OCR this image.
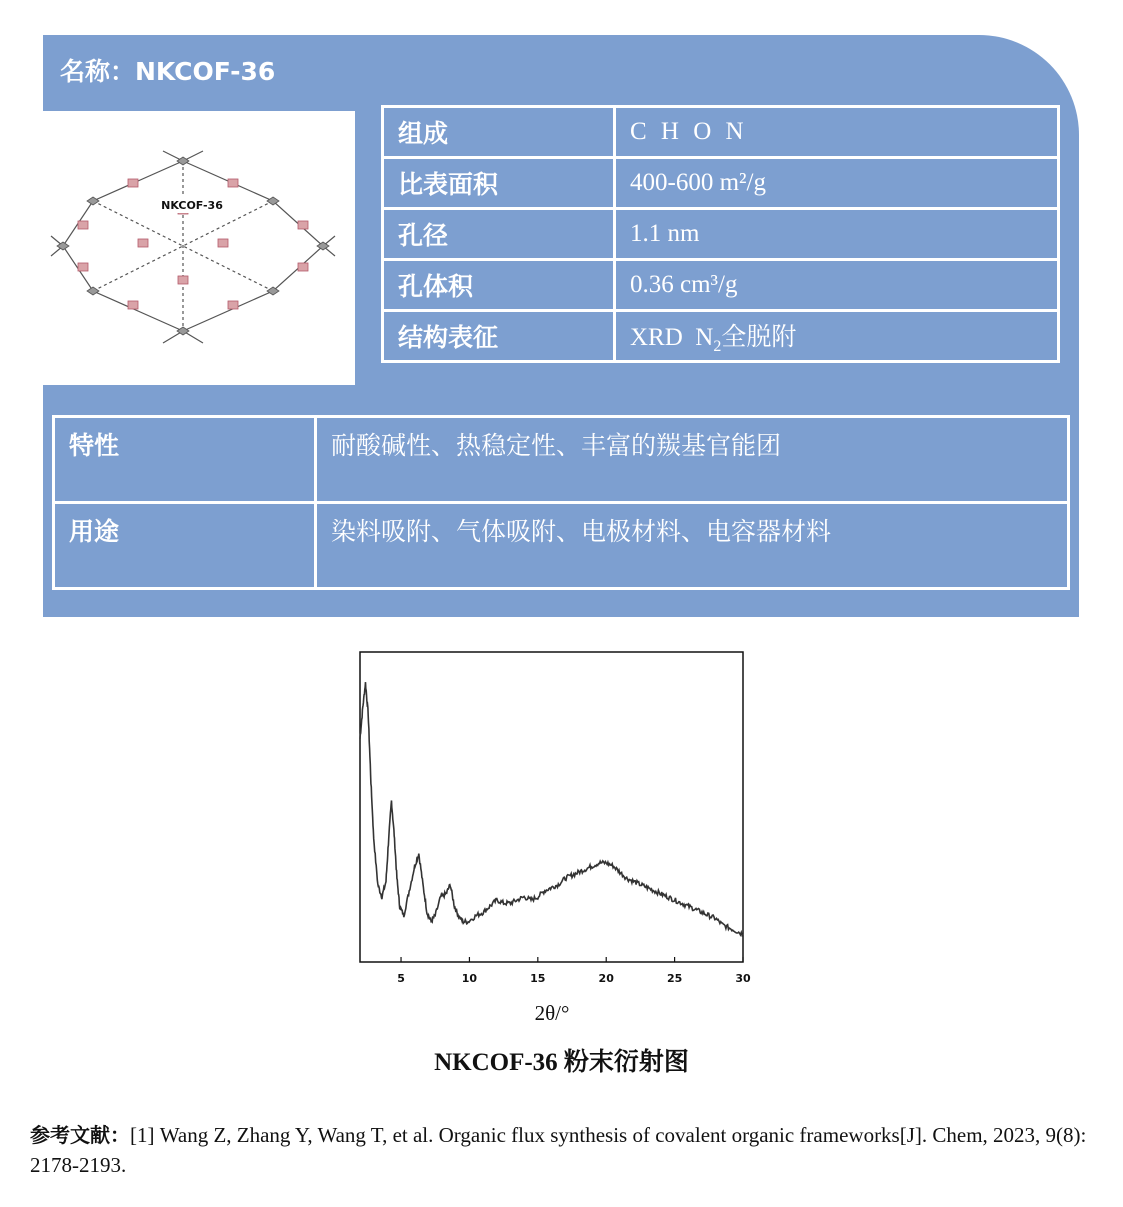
名称：NKCOF-36
NKCOF-36
组成	C H O N
比表面积	400-600 m²/g
孔径	1.1 nm
孔体积	0.36 cm³/g
结构表征	XRD  $N_2$全脱附
特性	耐酸碱性、热稳定性、丰富的羰基官能团
用途	染料吸附、气体吸附、电极材料、电容器材料
5	10	15	20	25	30
2θ/°
NKCOF-36 粉末衍射图
参考文献：[1] Wang Z, Zhang Y, Wang T, et al. Organic flux synthesis of covalent organic frameworks[J]. Chem, 2023, 9(8): 2178-2193.
